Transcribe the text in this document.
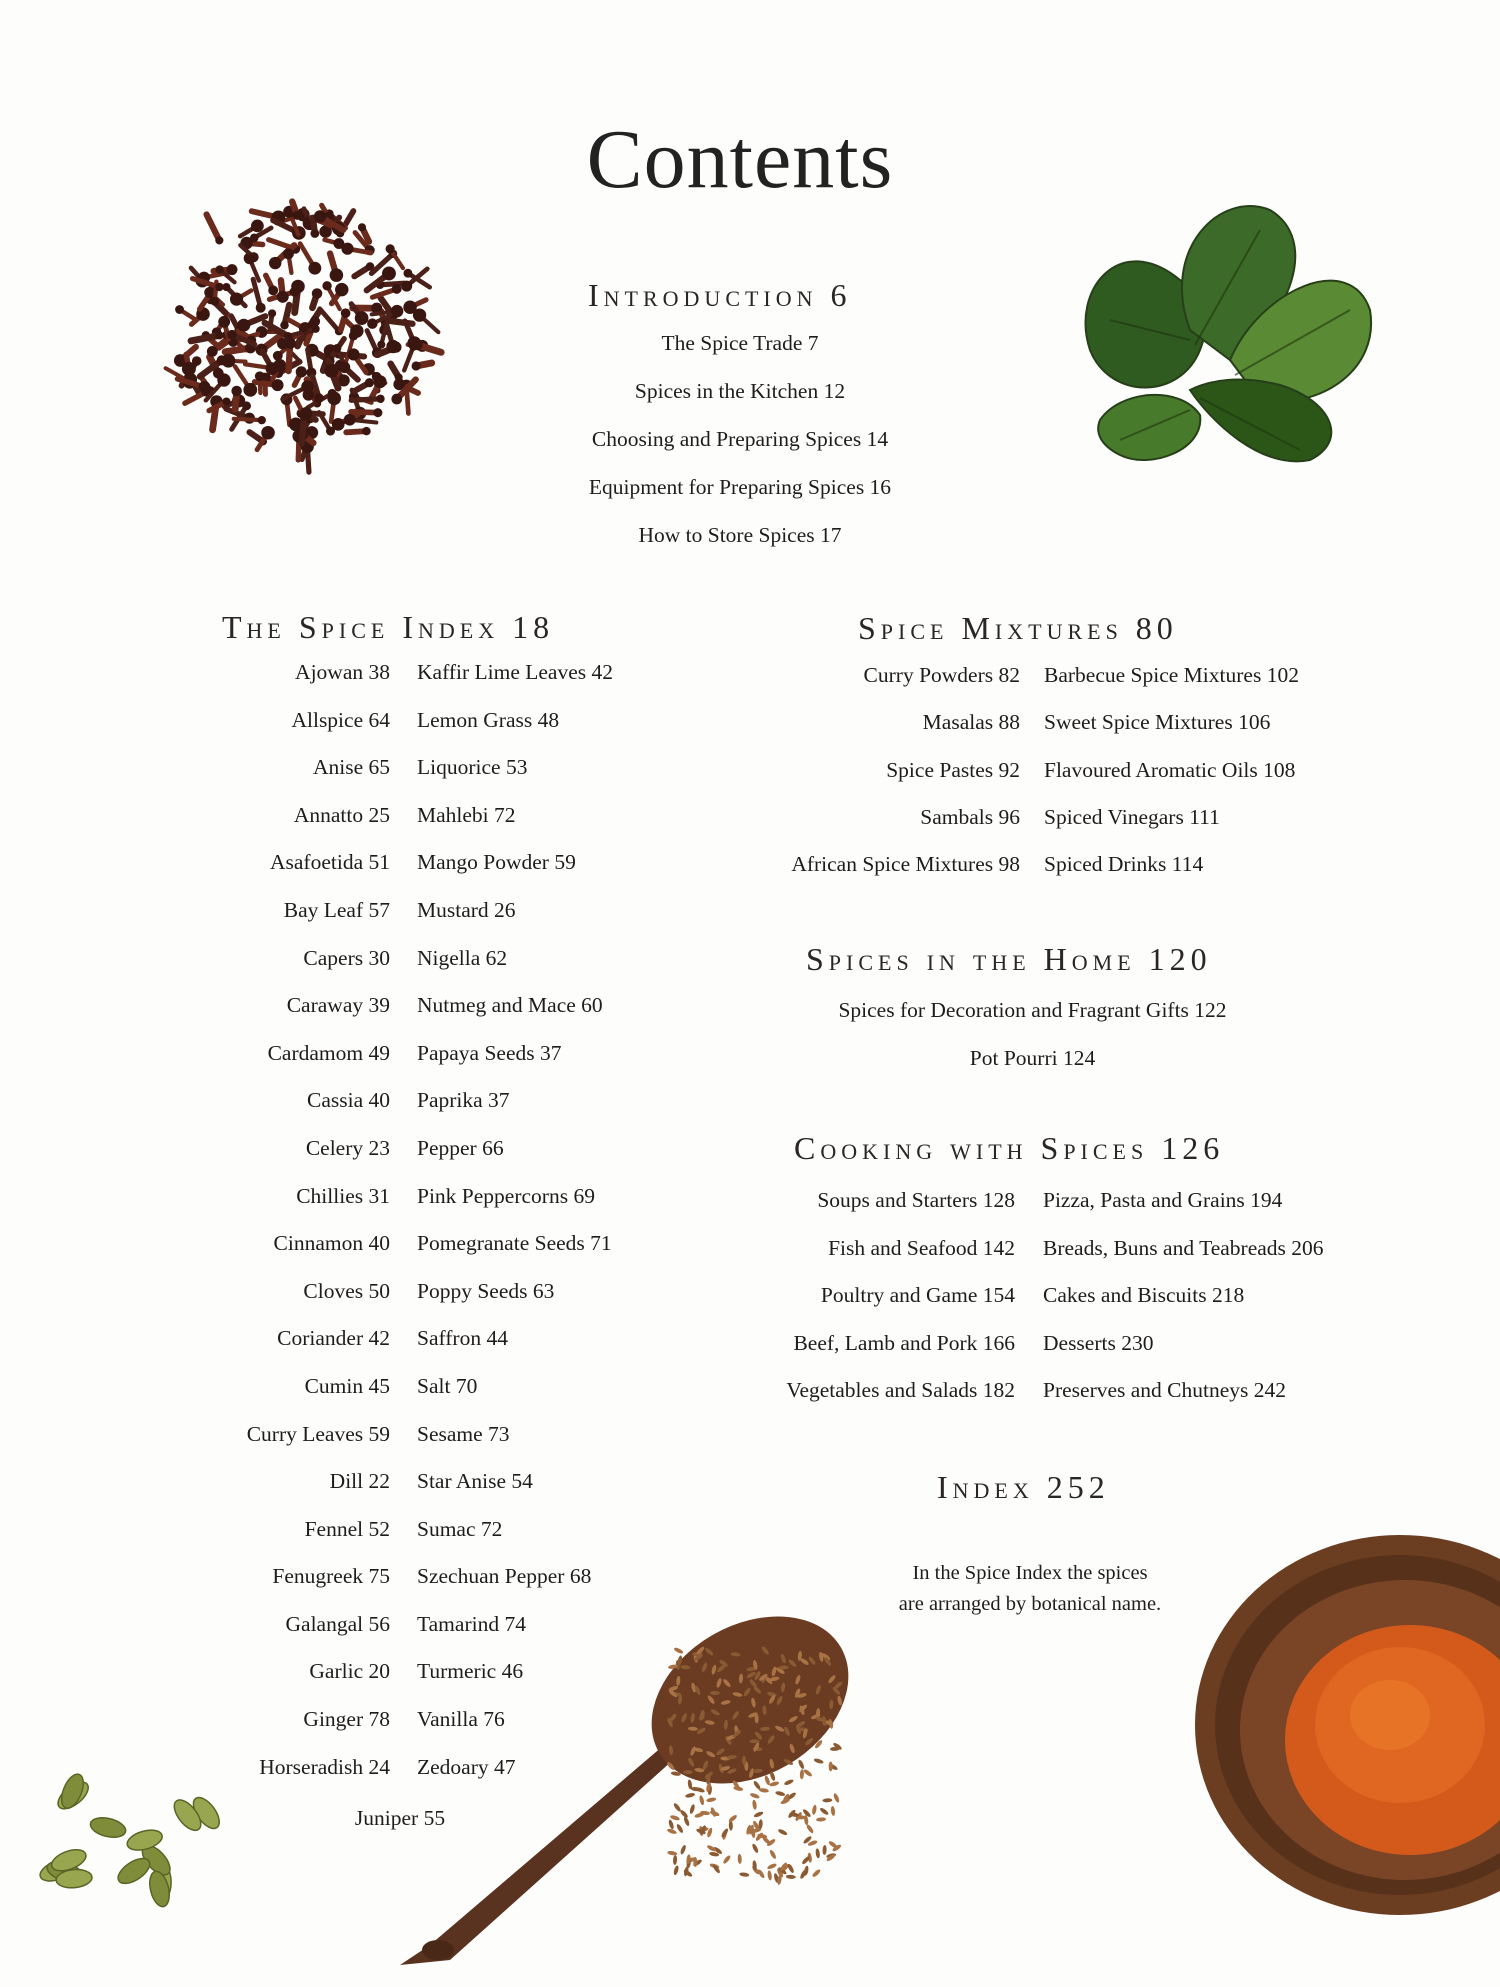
Contents
Introduction 6
The Spice Trade 7
Spices in the Kitchen 12
Choosing and Preparing Spices 14
Equipment for Preparing Spices 16
How to Store Spices 17
The Spice Index 18
Ajowan 38
Allspice 64
Anise 65
Annatto 25
Asafoetida 51
Bay Leaf 57
Capers 30
Caraway 39
Cardamom 49
Cassia 40
Celery 23
Chillies 31
Cinnamon 40
Cloves 50
Coriander 42
Cumin 45
Curry Leaves 59
Dill 22
Fennel 52
Fenugreek 75
Galangal 56
Garlic 20
Ginger 78
Horseradish 24
Kaffir Lime Leaves 42
Lemon Grass 48
Liquorice 53
Mahlebi 72
Mango Powder 59
Mustard 26
Nigella 62
Nutmeg and Mace 60
Papaya Seeds 37
Paprika 37
Pepper 66
Pink Peppercorns 69
Pomegranate Seeds 71
Poppy Seeds 63
Saffron 44
Salt 70
Sesame 73
Star Anise 54
Sumac 72
Szechuan Pepper 68
Tamarind 74
Turmeric 46
Vanilla 76
Zedoary 47
Juniper 55
Spice Mixtures 80
Curry Powders 82
Masalas 88
Spice Pastes 92
Sambals 96
African Spice Mixtures 98
Barbecue Spice Mixtures 102
Sweet Spice Mixtures 106
Flavoured Aromatic Oils 108
Spiced Vinegars 111
Spiced Drinks 114
Spices in the Home 120
Spices for Decoration and Fragrant Gifts 122
Pot Pourri 124
Cooking with Spices 126
Soups and Starters 128
Fish and Seafood 142
Poultry and Game 154
Beef, Lamb and Pork 166
Vegetables and Salads 182
Pizza, Pasta and Grains 194
Breads, Buns and Teabreads 206
Cakes and Biscuits 218
Desserts 230
Preserves and Chutneys 242
Index 252
In the Spice Index the spices
are arranged by botanical name.
